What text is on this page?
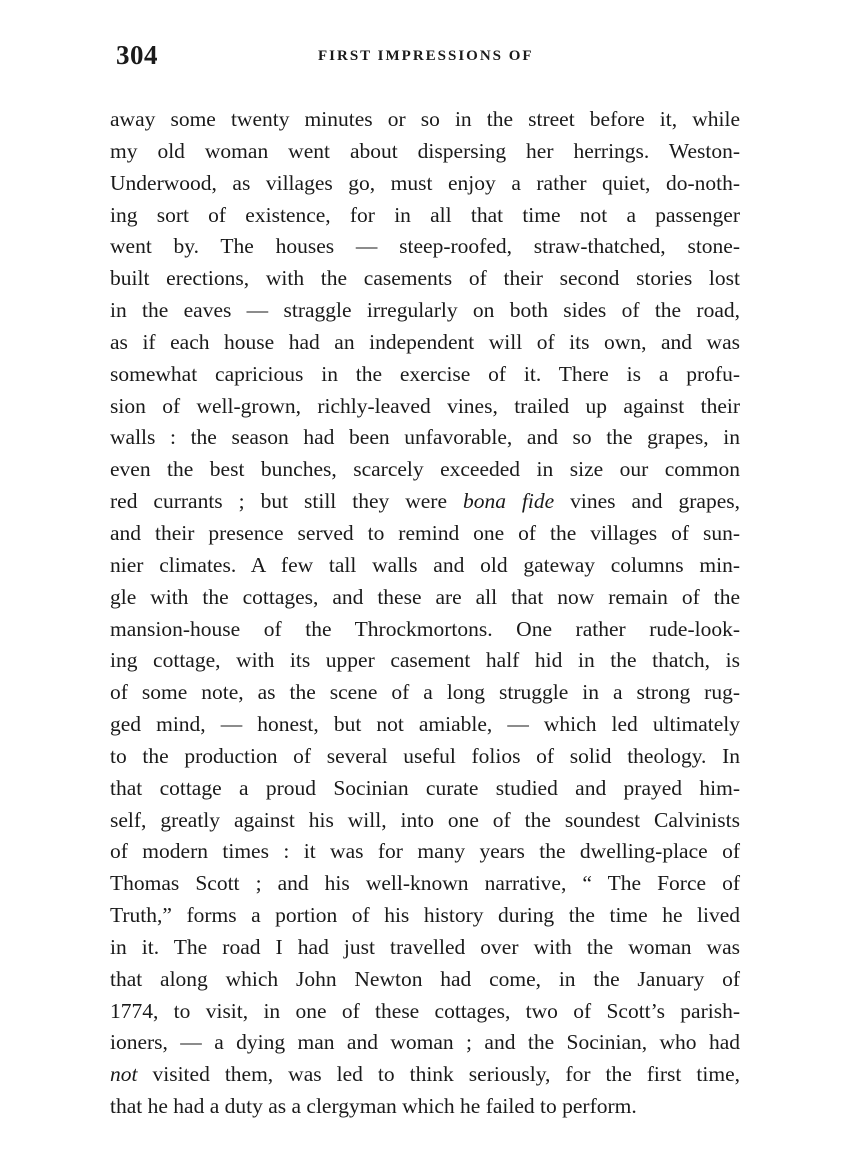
304	FIRST IMPRESSIONS OF
away some twenty minutes or so in the street before it, while
my old woman went about dispersing her herrings. Weston-
Underwood, as villages go, must enjoy a rather quiet, do-noth-
ing sort of existence, for in all that time not a passenger
went by. The houses — steep-roofed, straw-thatched, stone-
built erections, with the casements of their second stories lost
in the eaves — straggle irregularly on both sides of the road,
as if each house had an independent will of its own, and was
somewhat capricious in the exercise of it. There is a profu-
sion of well-grown, richly-leaved vines, trailed up against their
walls : the season had been unfavorable, and so the grapes, in
even the best bunches, scarcely exceeded in size our common
red currants ; but still they were bona fide vines and grapes,
and their presence served to remind one of the villages of sun-
nier climates. A few tall walls and old gateway columns min-
gle with the cottages, and these are all that now remain of the
mansion-house of the Throckmortons. One rather rude-look-
ing cottage, with its upper casement half hid in the thatch, is
of some note, as the scene of a long struggle in a strong rug-
ged mind, — honest, but not amiable, — which led ultimately
to the production of several useful folios of solid theology. In
that cottage a proud Socinian curate studied and prayed him-
self, greatly against his will, into one of the soundest Calvinists
of modern times : it was for many years the dwelling-place of
Thomas Scott ; and his well-known narrative, “ The Force of
Truth,” forms a portion of his history during the time he lived
in it. The road I had just travelled over with the woman was
that along which John Newton had come, in the January of
1774, to visit, in one of these cottages, two of Scott’s parish-
ioners, — a dying man and woman ; and the Socinian, who had
not visited them, was led to think seriously, for the first time,
that he had a duty as a clergyman which he failed to perform.
